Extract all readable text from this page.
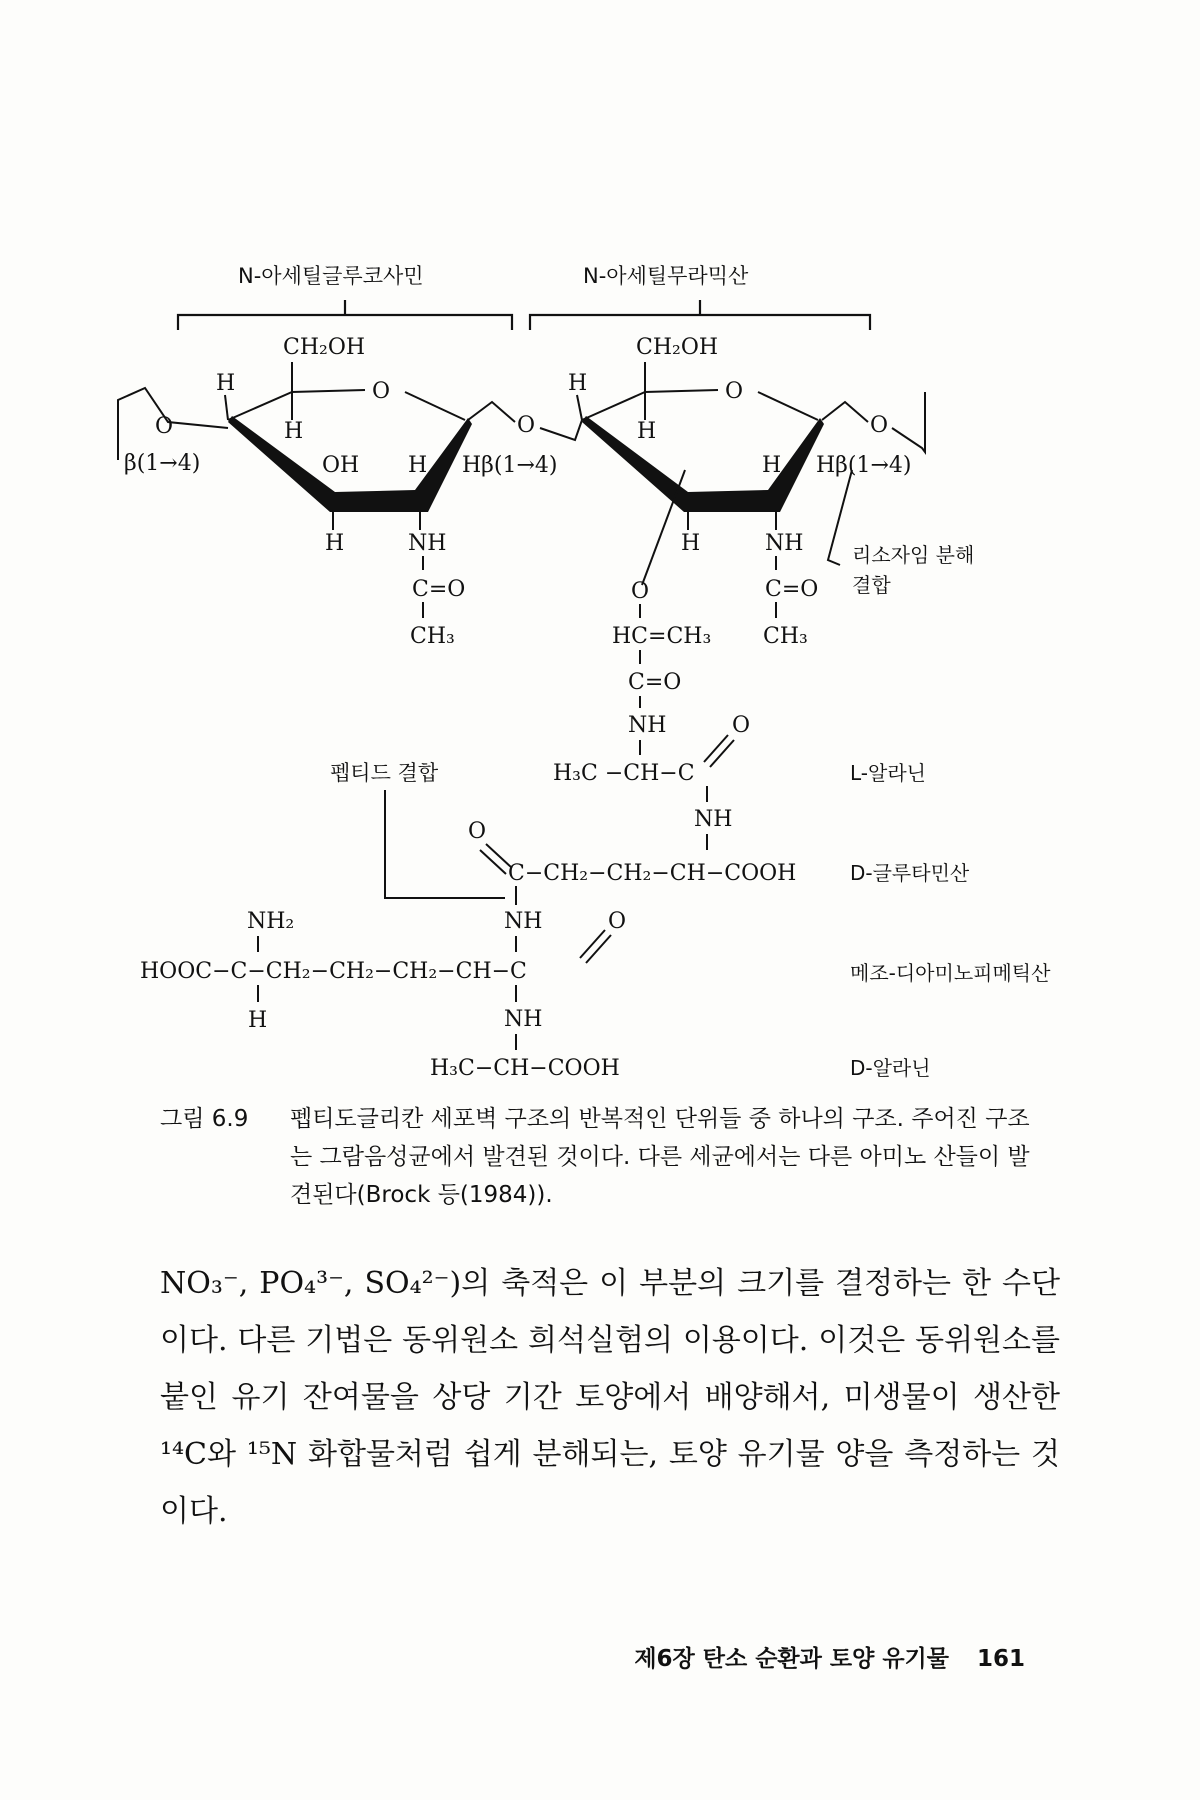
N-아세틸글루코사민	N-아세틸무라믹산
O
β(1→4)
O
CH₂OH
H
H
OH H
H	NH
C=O
CH₃
Hβ(1→4)
O
O
CH₂OH
H
H
H
H	NH
C=O
CH₃
Hβ(1→4)
O
리소자임 분해
결합
O
HC=CH₃
C=O
NH
H₃C −CH−C
O
L-알라닌
NH
펩티드 결합
O
C−CH₂−CH₂−CH−COOH	D-글루타민산
NH
NH₂
HOOC−C−CH₂−CH₂−CH₂−CH−C
O
메조-디아미노피메틱산
H	NH
H₃C−CH−COOH	D-알라닌
그림 6.9 펩티도글리칸 세포벽 구조의 반복적인 단위들 중 하나의 구조. 주어진 구조는 그람음성균에서 발견된 것이다. 다른 세균에서는 다른 아미노 산들이 발견된다(Brock 등(1984)).
NO₃⁻, PO₄³⁻, SO₄²⁻)의 축적은 이 부분의 크기를 결정하는 한 수단이다. 다른 기법은 동위원소 희석실험의 이용이다. 이것은 동위원소를 붙인 유기 잔여물을 상당 기간 토양에서 배양해서, 미생물이 생산한 ¹⁴C와 ¹⁵N 화합물처럼 쉽게 분해되는, 토양 유기물 양을 측정하는 것이다.
제6장 탄소 순환과 토양 유기물 161
